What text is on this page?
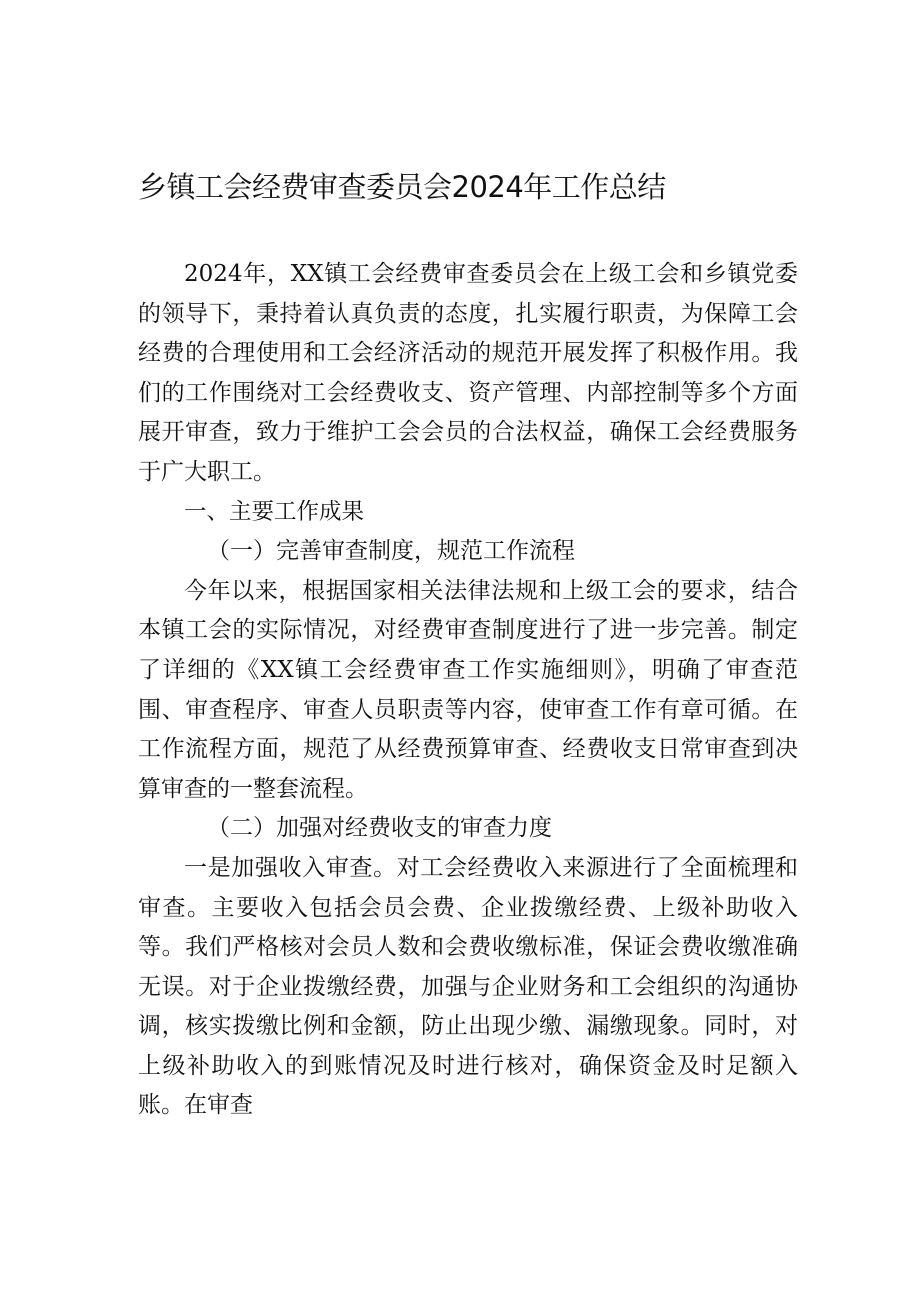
乡镇工会经费审查委员会2024年工作总结

2024年，XX镇工会经费审查委员会在上级工会和乡镇党委的领导下，秉持着认真负责的态度，扎实履行职责，为保障工会经费的合理使用和工会经济活动的规范开展发挥了积极作用。我们的工作围绕对工会经费收支、资产管理、内部控制等多个方面展开审查，致力于维护工会会员的合法权益，确保工会经费服务于广大职工。

一、主要工作成果

（一）完善审查制度，规范工作流程

今年以来，根据国家相关法律法规和上级工会的要求，结合本镇工会的实际情况，对经费审查制度进行了进一步完善。制定了详细的《XX镇工会经费审查工作实施细则》，明确了审查范围、审查程序、审查人员职责等内容，使审查工作有章可循。在工作流程方面，规范了从经费预算审查、经费收支日常审查到决算审查的一整套流程。

（二）加强对经费收支的审查力度

一是加强收入审查。对工会经费收入来源进行了全面梳理和审查。主要收入包括会员会费、企业拨缴经费、上级补助收入等。我们严格核对会员人数和会费收缴标准，保证会费收缴准确无误。对于企业拨缴经费，加强与企业财务和工会组织的沟通协调，核实拨缴比例和金额，防止出现少缴、漏缴现象。同时，对上级补助收入的到账情况及时进行核对，确保资金及时足额入账。在审查
